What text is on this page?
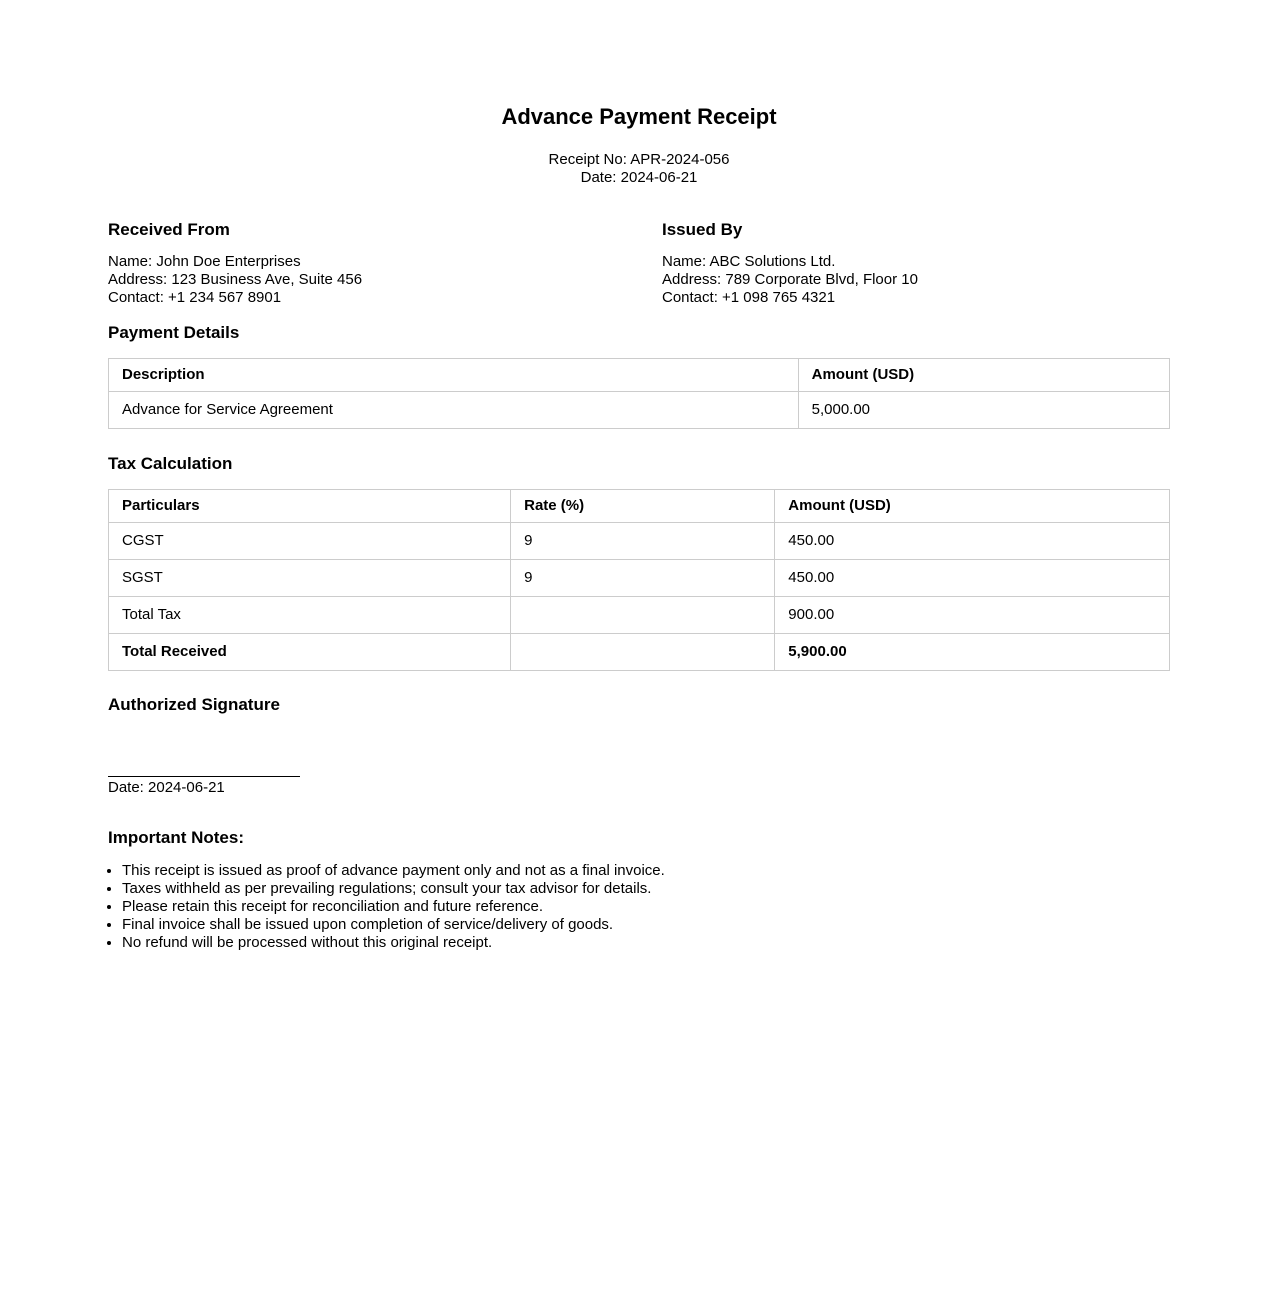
Advance Payment Receipt
Receipt No: APR-2024-056
Date: 2024-06-21
Received From
Name: John Doe Enterprises
Address: 123 Business Ave, Suite 456
Contact: +1 234 567 8901
Issued By
Name: ABC Solutions Ltd.
Address: 789 Corporate Blvd, Floor 10
Contact: +1 098 765 4321
Payment Details
Description	Amount (USD)
Advance for Service Agreement	5,000.00
Tax Calculation
Particulars	Rate (%)	Amount (USD)
CGST	9	450.00
SGST	9	450.00
Total Tax		900.00
Total Received		5,900.00
Authorized Signature
Date: 2024-06-21
Important Notes:
• This receipt is issued as proof of advance payment only and not as a final invoice.
• Taxes withheld as per prevailing regulations; consult your tax advisor for details.
• Please retain this receipt for reconciliation and future reference.
• Final invoice shall be issued upon completion of service/delivery of goods.
• No refund will be processed without this original receipt.
